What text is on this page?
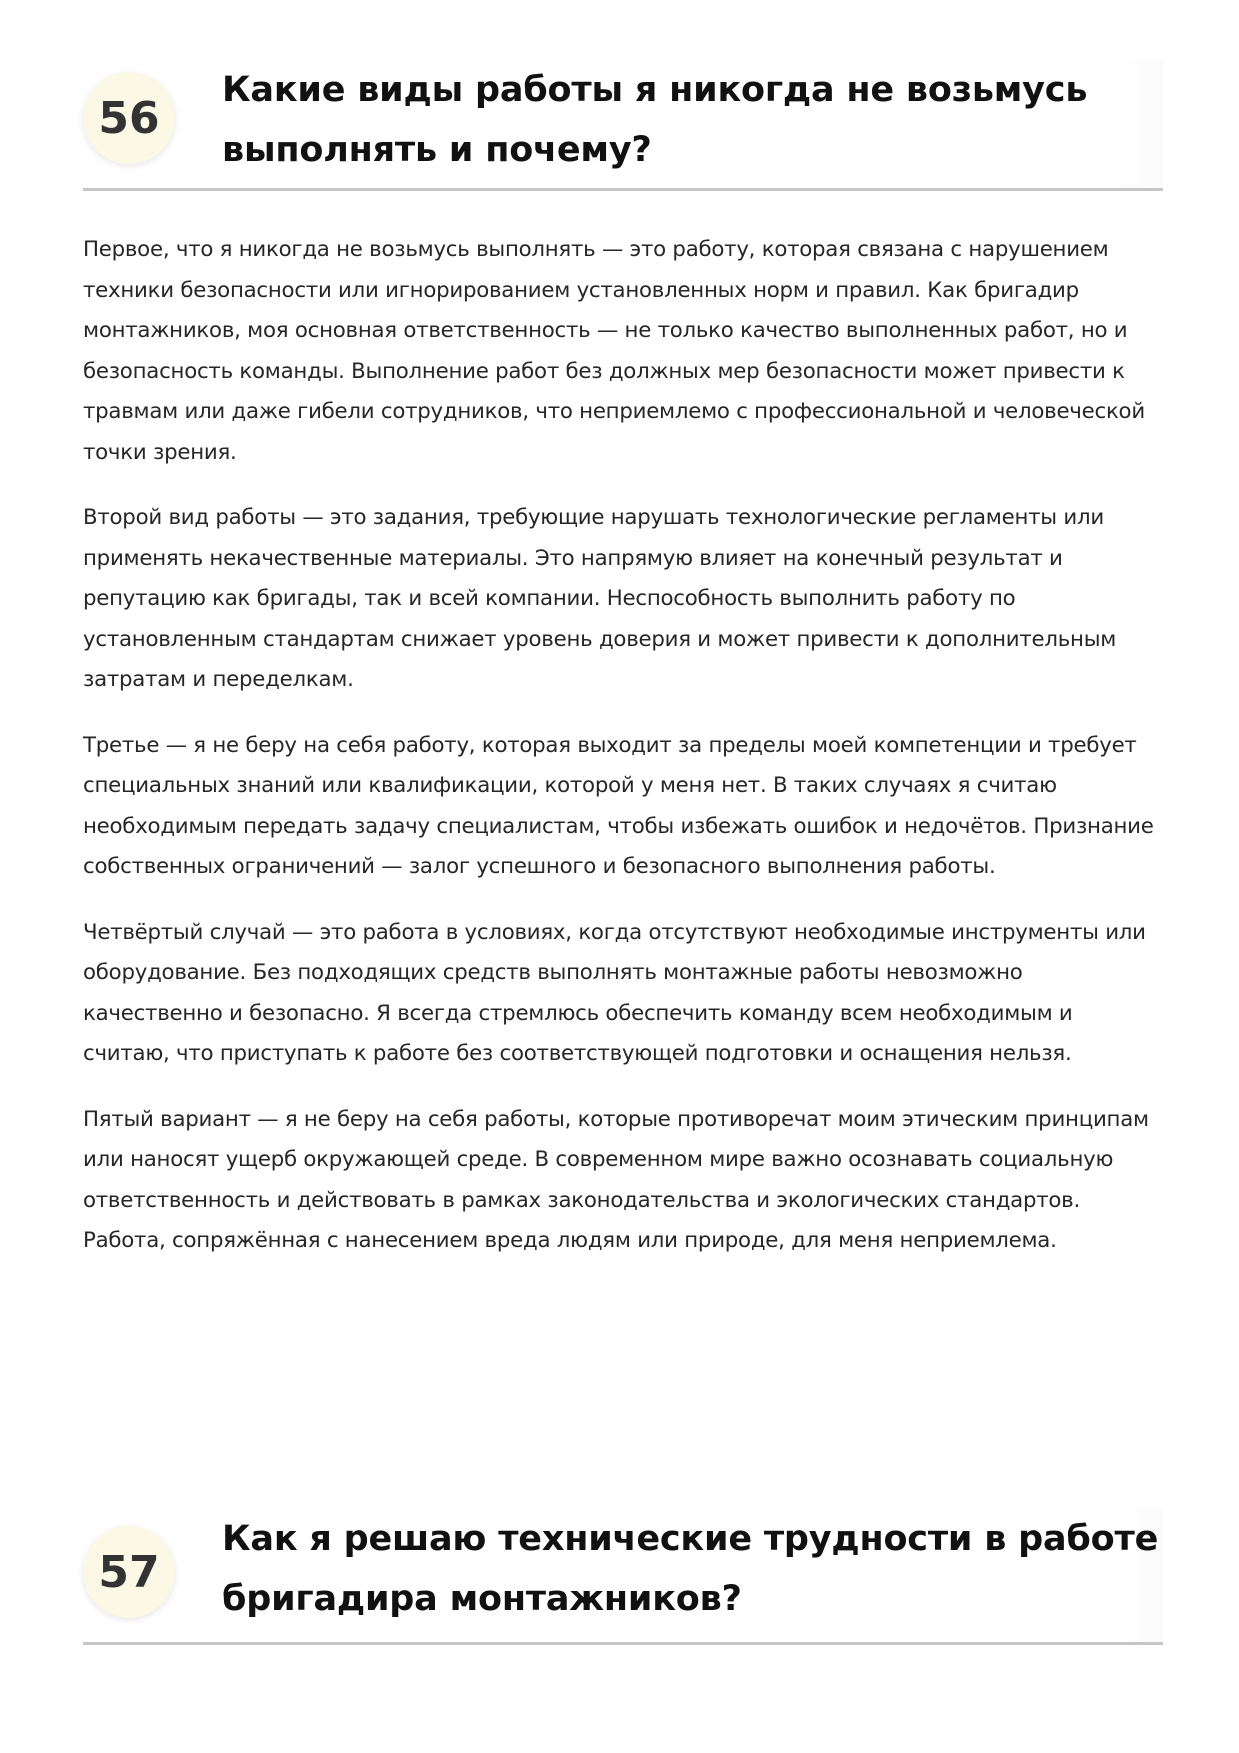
56
Какие виды работы я никогда не возьмусь выполнять и почему?

Первое, что я никогда не возьмусь выполнять — это работу, которая связана с нарушением техники безопасности или игнорированием установленных норм и правил. Как бригадир монтажников, моя основная ответственность — не только качество выполненных работ, но и безопасность команды. Выполнение работ без должных мер безопасности может привести к травмам или даже гибели сотрудников, что неприемлемо с профессиональной и человеческой точки зрения.

Второй вид работы — это задания, требующие нарушать технологические регламенты или применять некачественные материалы. Это напрямую влияет на конечный результат и репутацию как бригады, так и всей компании. Неспособность выполнить работу по установленным стандартам снижает уровень доверия и может привести к дополнительным затратам и переделкам.

Третье — я не беру на себя работу, которая выходит за пределы моей компетенции и требует специальных знаний или квалификации, которой у меня нет. В таких случаях я считаю необходимым передать задачу специалистам, чтобы избежать ошибок и недочётов. Признание собственных ограничений — залог успешного и безопасного выполнения работы.

Четвёртый случай — это работа в условиях, когда отсутствуют необходимые инструменты или оборудование. Без подходящих средств выполнять монтажные работы невозможно качественно и безопасно. Я всегда стремлюсь обеспечить команду всем необходимым и считаю, что приступать к работе без соответствующей подготовки и оснащения нельзя.

Пятый вариант — я не беру на себя работы, которые противоречат моим этическим принципам или наносят ущерб окружающей среде. В современном мире важно осознавать социальную ответственность и действовать в рамках законодательства и экологических стандартов. Работа, сопряжённая с нанесением вреда людям или природе, для меня неприемлема.

57
Как я решаю технические трудности в работе бригадира монтажников?
